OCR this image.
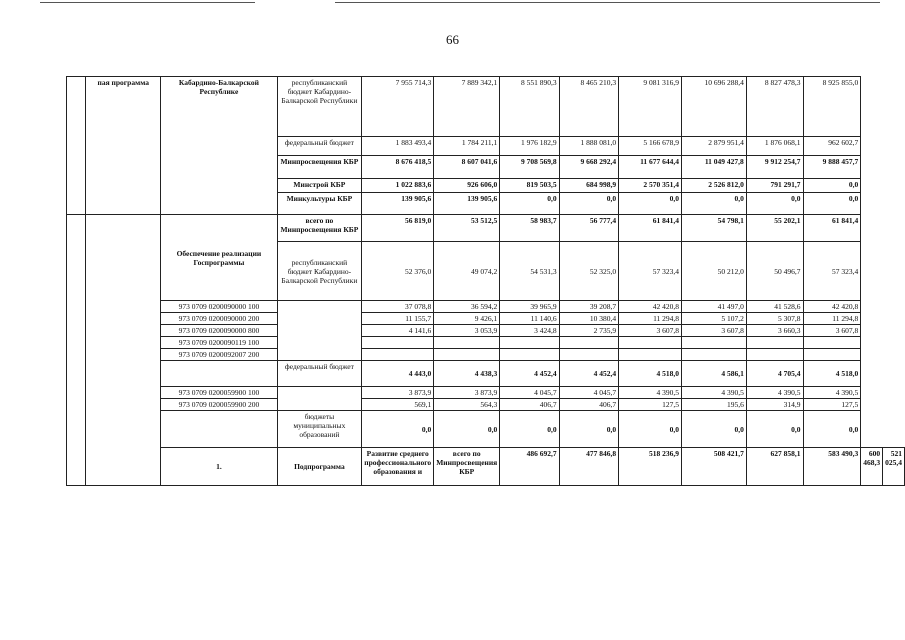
66
	пая программа	Кабардино-Балкарской Республике	республиканский бюджет Кабардино-Балкарской Республики	7 955 714,3	7 889 342,1	8 551 890,3	8 465 210,3	9 081 316,9	10 696 288,4	8 827 478,3	8 925 855,0		
			федеральный бюджет	1 883 493,4	1 784 211,1	1 976 182,9	1 888 081,0	5 166 678,9	2 879 951,4	1 876 068,1	962 602,7		
			Минпросвещения КБР	8 676 418,5	8 607 041,6	9 708 569,8	9 668 292,4	11 677 644,4	11 049 427,8	9 912 254,7	9 888 457,7		
			Минстрой КБР	1 022 883,6	926 606,0	819 503,5	684 998,9	2 570 351,4	2 526 812,0	791 291,7	0,0		
			Минкультуры КБР	139 905,6	139 905,6	0,0	0,0	0,0	0,0	0,0	0,0		
		Обеспечение реализации Госпрограммы	всего по Минпросвещения КБР	56 819,0	53 512,5	58 983,7	56 777,4	61 841,4	54 798,1	55 202,1	61 841,4		
			республиканский бюджет Кабардино-Балкарской Республики	52 376,0	49 074,2	54 531,3	52 325,0	57 323,4	50 212,0	50 496,7	57 323,4		
		973 0709 0200090000 100		37 078,8	36 594,2	39 965,9	39 208,7	42 420,8	41 497,0	41 528,6	42 420,8		
		973 0709 0200090000 200		11 155,7	9 426,1	11 140,6	10 380,4	11 294,8	5 107,2	5 307,8	11 294,8		
		973 0709 0200090000 800		4 141,6	3 053,9	3 424,8	2 735,9	3 607,8	3 607,8	3 660,3	3 607,8		
		973 0709 0200090119 100											
		973 0709 0200092007 200											
			федеральный бюджет	4 443,0	4 438,3	4 452,4	4 452,4	4 518,0	4 586,1	4 705,4	4 518,0		
		973 0709 0200059900 100		3 873,9	3 873,9	4 045,7	4 045,7	4 390,5	4 390,5	4 390,5	4 390,5		
		973 0709 0200059900 200		569,1	564,3	406,7	406,7	127,5	195,6	314,9	127,5		
			бюджеты муниципальных образований	0,0	0,0	0,0	0,0	0,0	0,0	0,0	0,0		
		1.	Подпрограмма	Развитие среднего профессионального образования и	всего по Минпросвещения КБР	486 692,7	477 846,8	518 236,9	508 421,7	627 858,1	583 490,3	600 468,3	521 025,4
